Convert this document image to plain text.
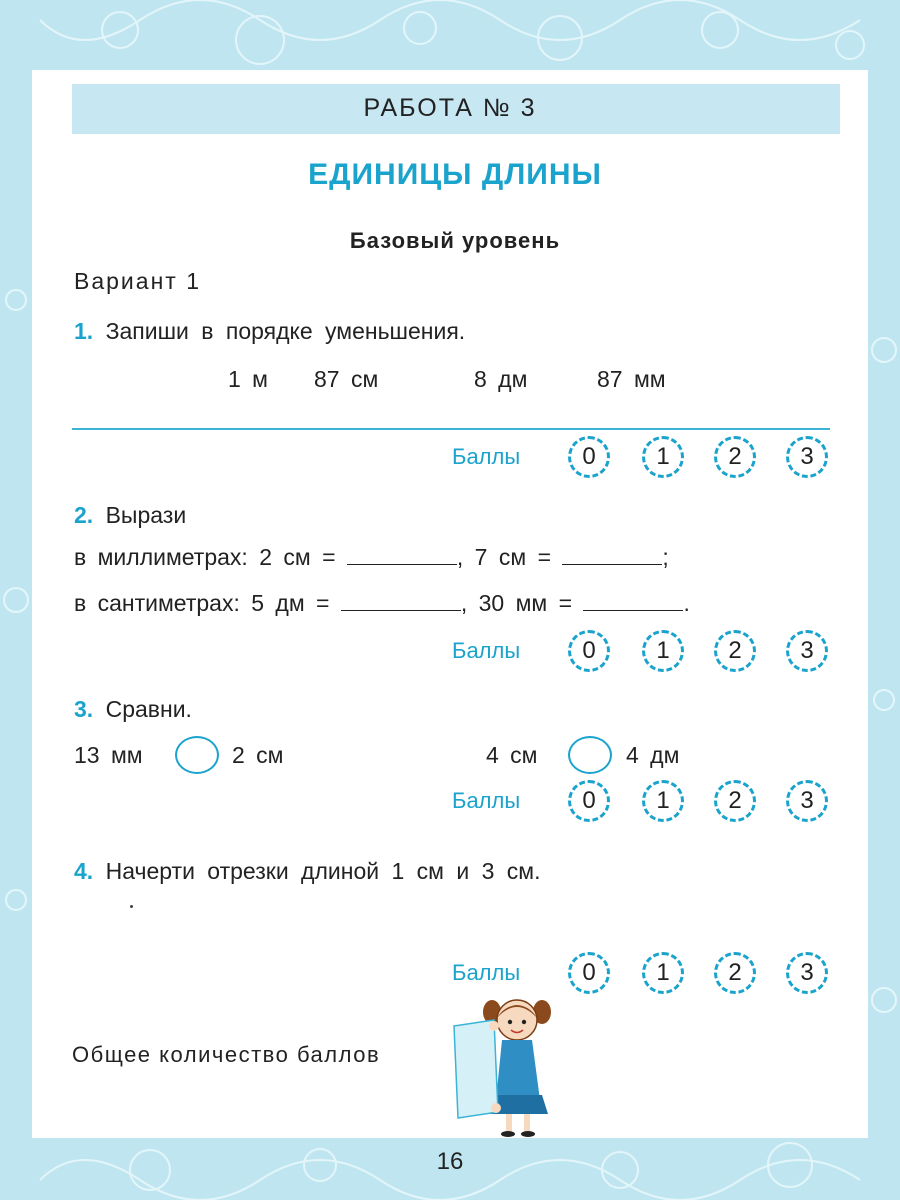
РАБОТА № 3
ЕДИНИЦЫ ДЛИНЫ
Базовый уровень
Вариант 1
1. Запиши в порядке уменьшения.
1 м 87 см	8 дм	87 мм
Баллы	0	1	2	3
2. Вырази
в миллиметрах: 2 см =	, 7 см =	;
в сантиметрах: 5 дм =	, 30 мм =	.
Баллы	0	1	2	3
3. Сравни.
13 мм	2 см	4 см	4 дм
Баллы	0	1	2	3
4. Начерти отрезки длиной 1 см и 3 см.
Баллы	0	1	2	3
Общее количество баллов
16
